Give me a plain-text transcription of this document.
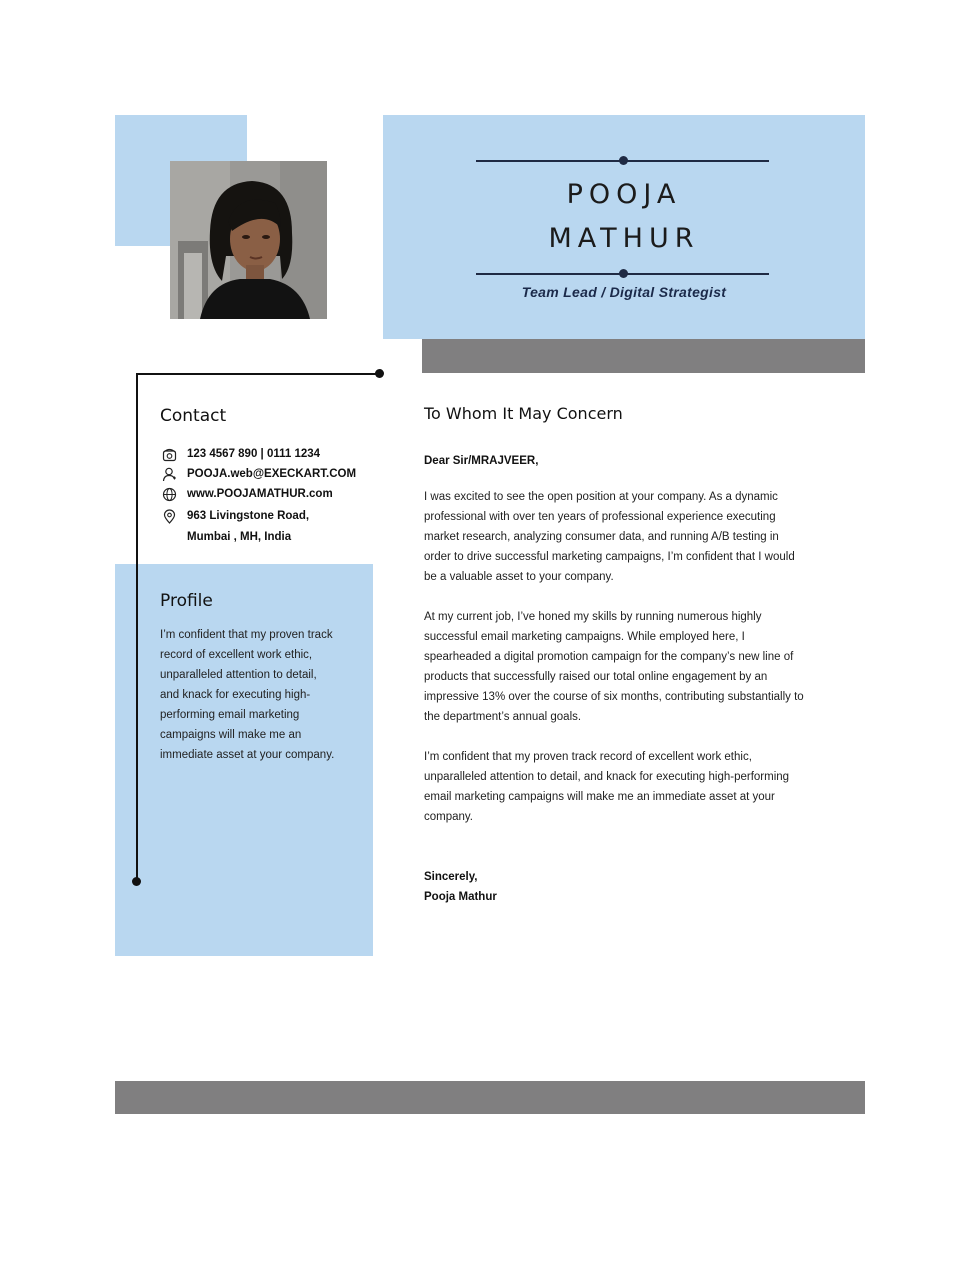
POOJA
MATHUR
Team Lead / Digital Strategist
Contact
123 4567 890 | 0111 1234
POOJA.web@EXECKART.COM
www.POOJAMATHUR.com
963 Livingstone Road,
Mumbai , MH, India
Profile
I’m confident that my proven track record of excellent work ethic, unparalleled attention to detail, and knack for executing high-performing email marketing campaigns will make me an immediate asset at your company.
To Whom It May Concern
Dear Sir/MRAJVEER,

I was excited to see the open position at your company. As a dynamic professional with over ten years of professional experience executing market research, analyzing consumer data, and running A/B testing in order to drive successful marketing campaigns, I’m confident that I would be a valuable asset to your company.

At my current job, I’ve honed my skills by running numerous highly successful email marketing campaigns. While employed here, I spearheaded a digital promotion campaign for the company’s new line of products that successfully raised our total online engagement by an impressive 13% over the course of six months, contributing substantially to the department’s annual goals.

I’m confident that my proven track record of excellent work ethic, unparalleled attention to detail, and knack for executing high-performing email marketing campaigns will make me an immediate asset at your company.

Sincerely,
Pooja Mathur
